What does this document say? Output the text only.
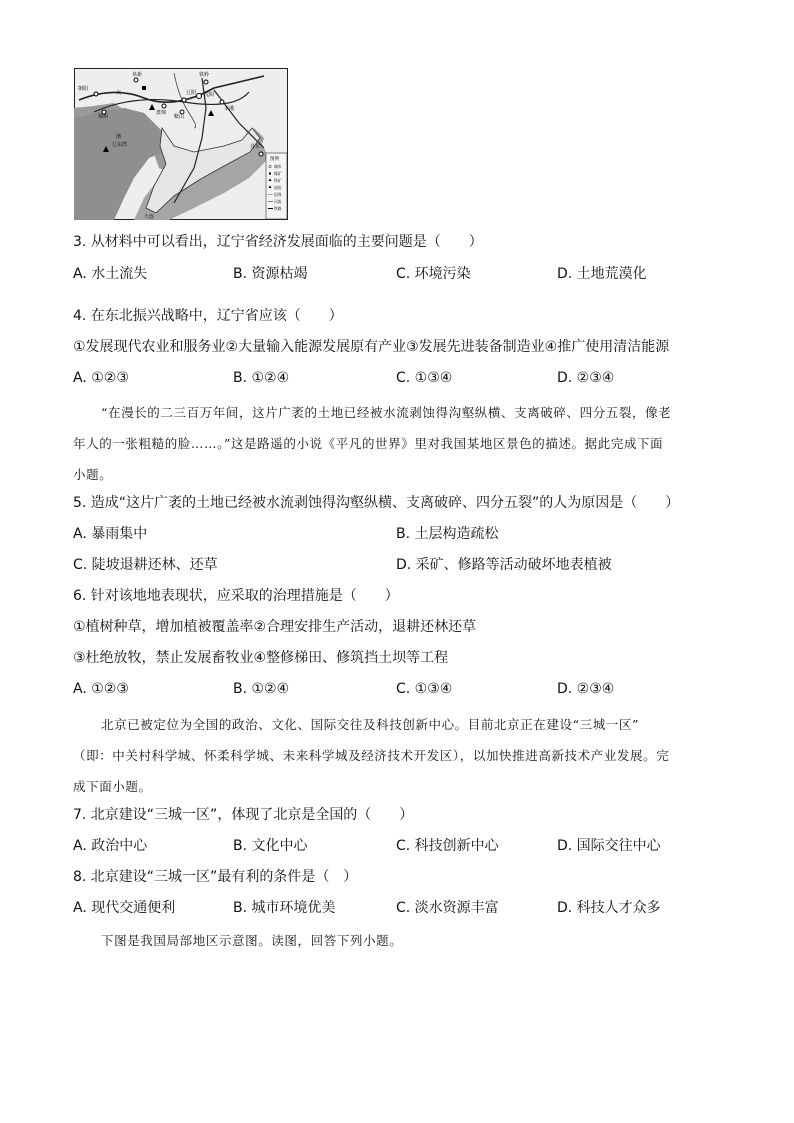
阜新	铁岭
朝阳
大	沈阳
锦州
盘锦
辽阳
鞍山
本溪
渤
辽东湾	丹东
大连
图例
城市
煤矿
铁矿
油田
国界
河流
铁路
3. 从材料中可以看出，辽宁省经济发展面临的主要问题是（　　）
A. 水土流失	B. 资源枯竭	C. 环境污染	D. 土地荒漠化
4. 在东北振兴战略中，辽宁省应该（　　）
①发展现代农业和服务业②大量输入能源发展原有产业③发展先进装备制造业④推广使用清洁能源
A. ①②③	B. ①②④	C. ①③④	D. ②③④
“在漫长的二三百万年间，这片广袤的土地已经被水流剥蚀得沟壑纵横、支离破碎、四分五裂，像老
年人的一张粗糙的脸……。”这是路遥的小说《平凡的世界》里对我国某地区景色的描述。据此完成下面
小题。
5. 造成“这片广袤的土地已经被水流剥蚀得沟壑纵横、支离破碎、四分五裂”的人为原因是（　　）
A. 暴雨集中	B. 土层构造疏松
C. 陡坡退耕还林、还草	D. 采矿、修路等活动破坏地表植被
6. 针对该地地表现状，应采取的治理措施是（　　）
①植树种草，增加植被覆盖率②合理安排生产活动，退耕还林还草
③杜绝放牧，禁止发展畜牧业④整修梯田、修筑挡土坝等工程
A. ①②③	B. ①②④	C. ①③④	D. ②③④
北京已被定位为全国的政治、文化、国际交往及科技创新中心。目前北京正在建设“三城一区”
（即：中关村科学城、怀柔科学城、未来科学城及经济技术开发区），以加快推进高新技术产业发展。完
成下面小题。
7. 北京建设“三城一区”，体现了北京是全国的（　　）
A. 政治中心	B. 文化中心	C. 科技创新中心	D. 国际交往中心
8. 北京建设“三城一区”最有利的条件是（　）
A. 现代交通便利	B. 城市环境优美	C. 淡水资源丰富	D. 科技人才众多
下图是我国局部地区示意图。读图，回答下列小题。
